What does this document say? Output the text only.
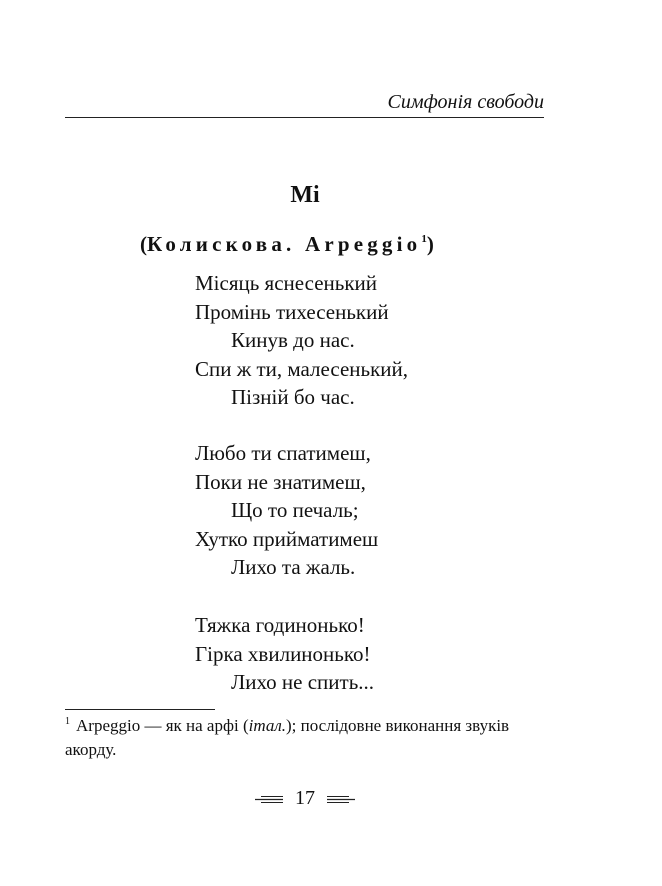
Симфонія свободи
Мі
(Колискова. Arpeggio$^1$)
Місяць яснесенький
Промінь тихесенький
Кинув до нас.
Спи ж ти, малесенький,
Пізній бо час.
Любо ти спатимеш,
Поки не знатимеш,
Що то печаль;
Хутко прийматимеш
Лихо та жаль.
Тяжка годинонько!
Гірка хвилинонько!
Лихо не спить...
$^1$ Arpeggio — як на арфі (італ.); послідовне виконання звуків акорду.
17
